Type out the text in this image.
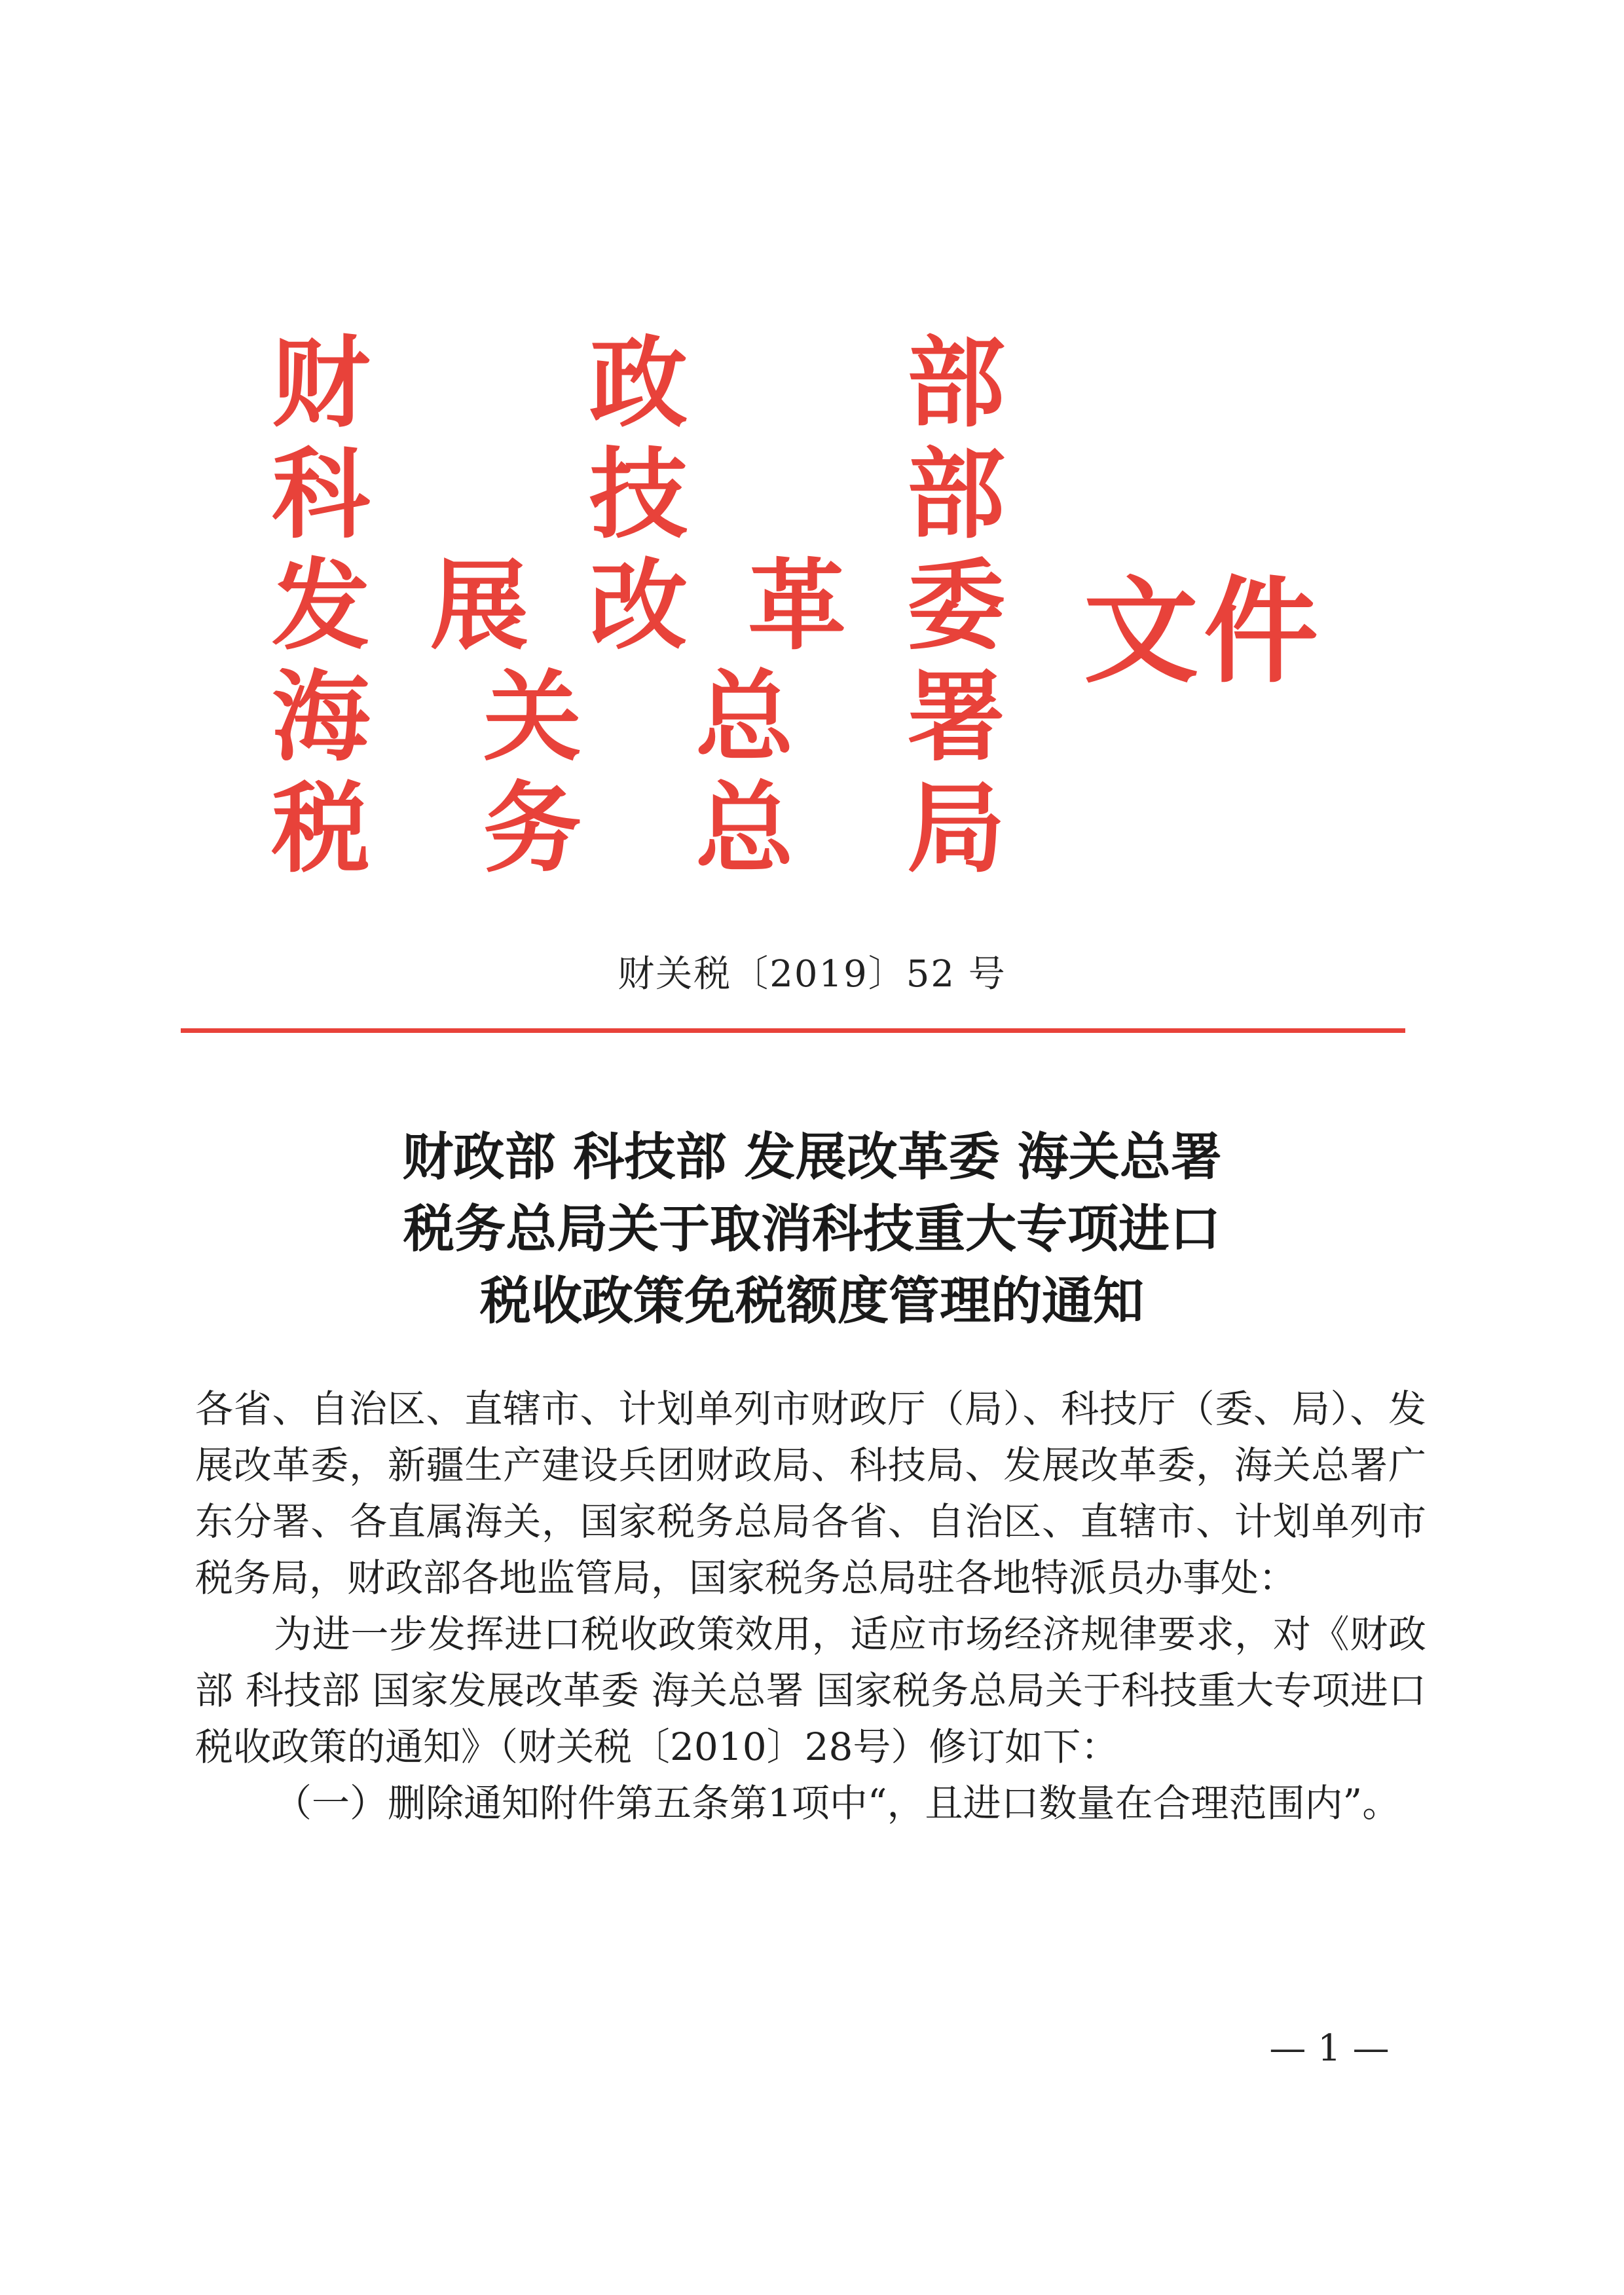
财 政 部
科 技 部
发 展 改 革 委
海 关 总 署
税 务 总 局
文件
财关税〔2019〕52 号
财政部 科技部 发展改革委 海关总署
税务总局关于取消科技重大专项进口
税收政策免税额度管理的通知

各省、自治区、直辖市、计划单列市财政厅（局）、科技厅（委、局）、发展改革委，新疆生产建设兵团财政局、科技局、发展改革委，海关总署广东分署、各直属海关，国家税务总局各省、自治区、直辖市、计划单列市税务局，财政部各地监管局，国家税务总局驻各地特派员办事处：

为进一步发挥进口税收政策效用，适应市场经济规律要求，对《财政部 科技部 国家发展改革委 海关总署 国家税务总局关于科技重大专项进口税收政策的通知》（财关税〔2010〕28号）修订如下：

（一）删除通知附件第五条第1项中“，且进口数量在合理范围内”。

— 1 —
